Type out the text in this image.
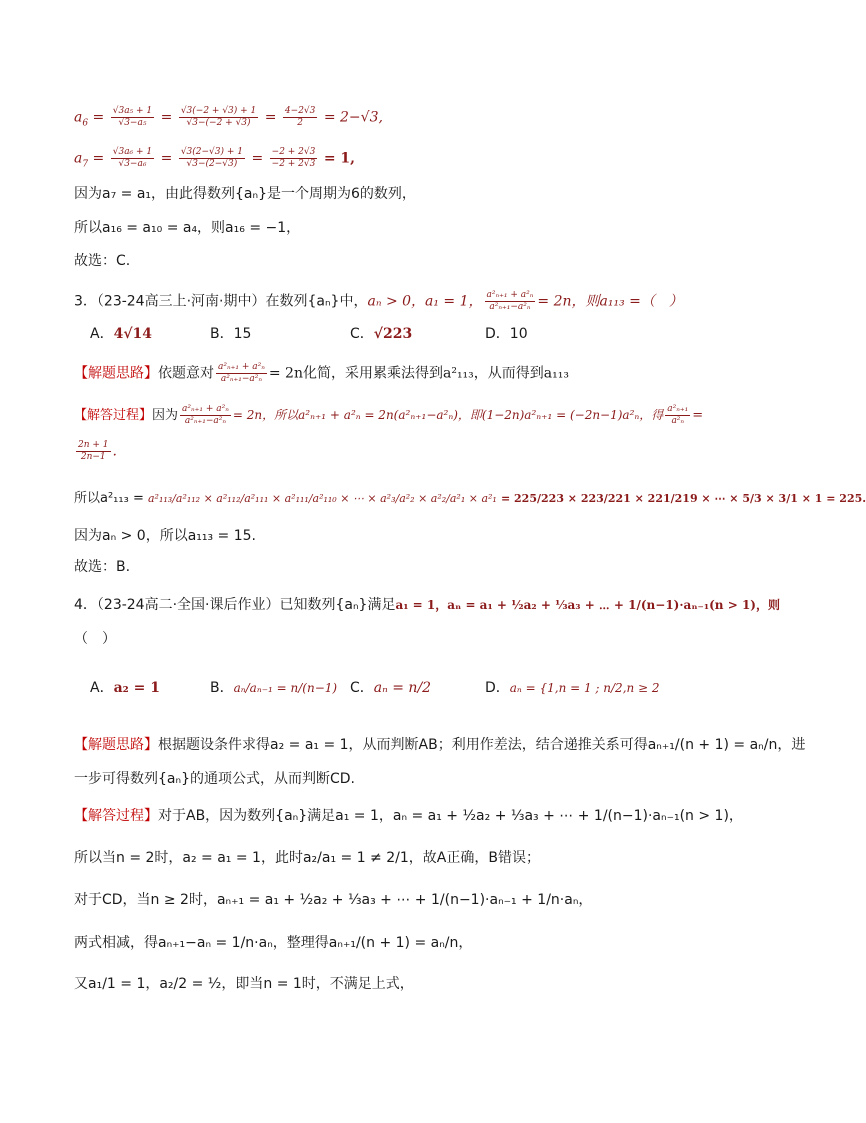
$a_6 = \frac{\text{√3a₅ + 1}}{\text{√3−a₅}} = \frac{√3(-2 + √3) + 1}{√3-(-2 + √3)} = \frac{4-2√3}{2} = 2-√3$,
$a_7 = \frac{\text{√3a₆ + 1}}{\text{√3−a₆}} = \frac{√3(2-√3) + 1}{√3-(2-√3)} = \frac{-2 + 2√3}{-2 + 2√3} = 1$,
因为a₇ = a₁，由此得数列{aₙ}是一个周期为6的数列，
所以a₁₆ = a₁₀ = a₄，则a₁₆ = −1，
故选：C.
3．（23-24高三上·河南·期中）在数列{aₙ}中，aₙ > 0，a₁ = 1， $\frac{\text{a²ₙ₊₁ + a²ₙ}}{\text{a²ₙ₊₁−a²ₙ}} = 2n$，则a₁₁₃ =（　）
A．4√14	B．15	C．√223	D．10
【解题思路】依题意对 $\frac{\text{a²ₙ₊₁ + a²ₙ}}{\text{a²ₙ₊₁−a²ₙ}} = 2n$化简，采用累乘法得到a²₁₁₃，从而得到a₁₁₃
【解答过程】因为 $\frac{\text{a²ₙ₊₁ + a²ₙ}}{\text{a²ₙ₊₁−a²ₙ}} = 2n$，所以a²ₙ₊₁ + a²ₙ = 2n(a²ₙ₊₁−a²ₙ)，即(1−2n)a²ₙ₊₁ = (−2n−1)a²ₙ，得 $\frac{\text{a²ₙ₊₁}}{\text{a²ₙ}}$ =
$\frac{2n + 1}{2n-1}$ .
所以a²₁₁₃ = a²₁₁₃/a²₁₁₂ × a²₁₁₂/a²₁₁₁ × a²₁₁₁/a²₁₁₀ × ⋯ × a²₃/a²₂ × a²₂/a²₁ × a²₁ = 225/223 × 223/221 × 221/219 × ⋯ × 5/3 × 3/1 × 1 = 225.
因为aₙ > 0，所以a₁₁₃ = 15.
故选：B.
4．（23-24高二·全国·课后作业）已知数列{aₙ}满足a₁ = 1，aₙ = a₁ + ½a₂ + ⅓a₃ + ⋯ + 1/(n−1)·aₙ₋₁(n > 1)，则
（　）
A．a₂ = 1	B．aₙ/aₙ₋₁ = n/(n−1) C．aₙ = n/2	D．aₙ = {1,n = 1 ; n/2,n ≥ 2
【解题思路】根据题设条件求得a₂ = a₁ = 1，从而判断AB；利用作差法，结合递推关系可得aₙ₊₁/(n + 1) = aₙ/n，进
一步可得数列{aₙ}的通项公式，从而判断CD.
【解答过程】对于AB，因为数列{aₙ}满足a₁ = 1，aₙ = a₁ + ½a₂ + ⅓a₃ + ⋯ + 1/(n−1)·aₙ₋₁(n > 1)，
所以当n = 2时，a₂ = a₁ = 1，此时a₂/a₁ = 1 ≠ 2/1，故A正确，B错误；
对于CD，当n ≥ 2时，aₙ₊₁ = a₁ + ½a₂ + ⅓a₃ + ⋯ + 1/(n−1)·aₙ₋₁ + 1/n·aₙ，
两式相减，得aₙ₊₁−aₙ = 1/n·aₙ，整理得aₙ₊₁/(n + 1) = aₙ/n，
又a₁/1 = 1，a₂/2 = ½，即当n = 1时，不满足上式，
